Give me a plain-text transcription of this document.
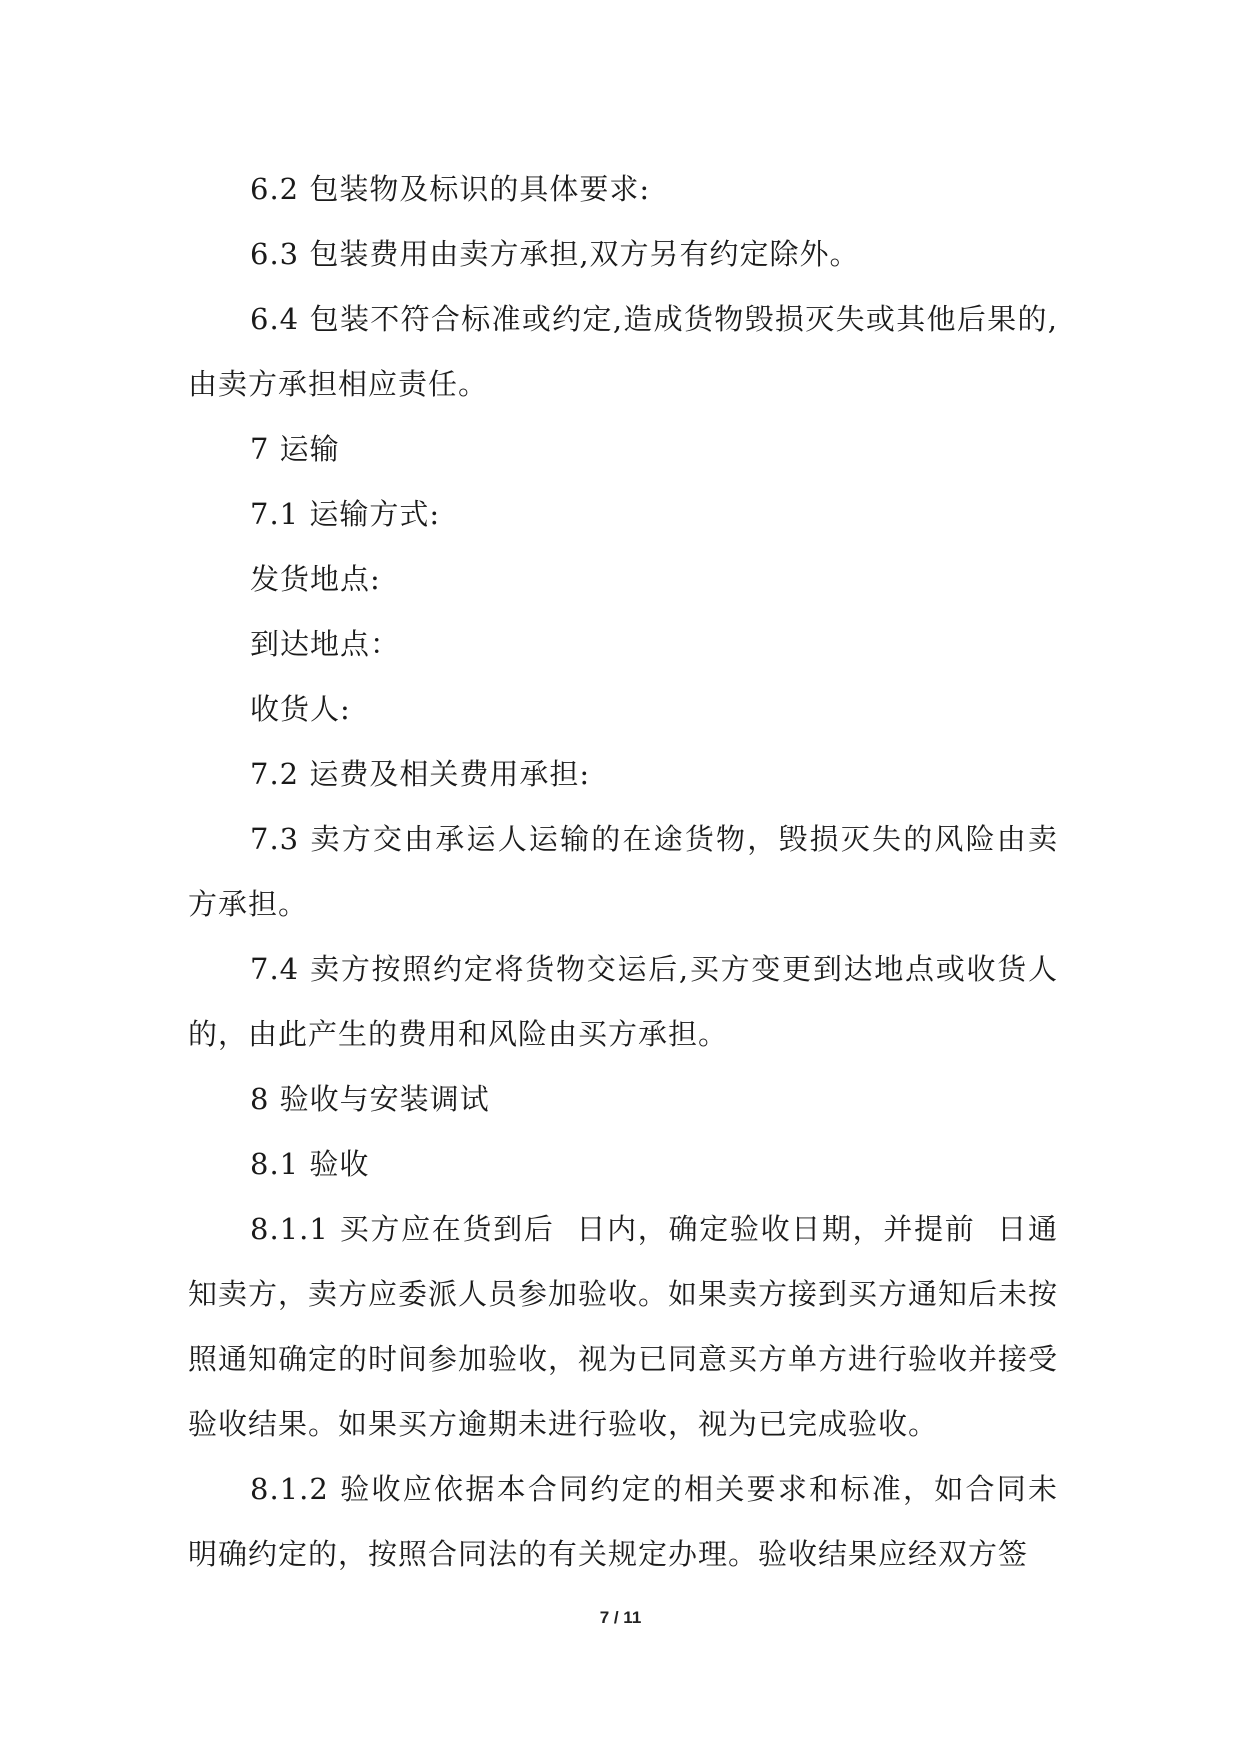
6.2 包装物及标识的具体要求:

6.3 包装费用由卖方承担,双方另有约定除外。

6.4 包装不符合标准或约定,造成货物毁损灭失或其他后果的,由卖方承担相应责任。

7 运输

7.1 运输方式:

发货地点:

到达地点：

收货人:

7.2 运费及相关费用承担:

7.3 卖方交由承运人运输的在途货物，毁损灭失的风险由卖方承担。

7.4 卖方按照约定将货物交运后,买方变更到达地点或收货人的，由此产生的费用和风险由买方承担。

8 验收与安装调试

8.1 验收

8.1.1 买方应在货到后  日内，确定验收日期，并提前  日通知卖方，卖方应委派人员参加验收。如果卖方接到买方通知后未按照通知确定的时间参加验收，视为已同意买方单方进行验收并接受验收结果。如果买方逾期未进行验收，视为已完成验收。

8.1.2 验收应依据本合同约定的相关要求和标准，如合同未明确约定的，按照合同法的有关规定办理。验收结果应经双方签

7 / 11
